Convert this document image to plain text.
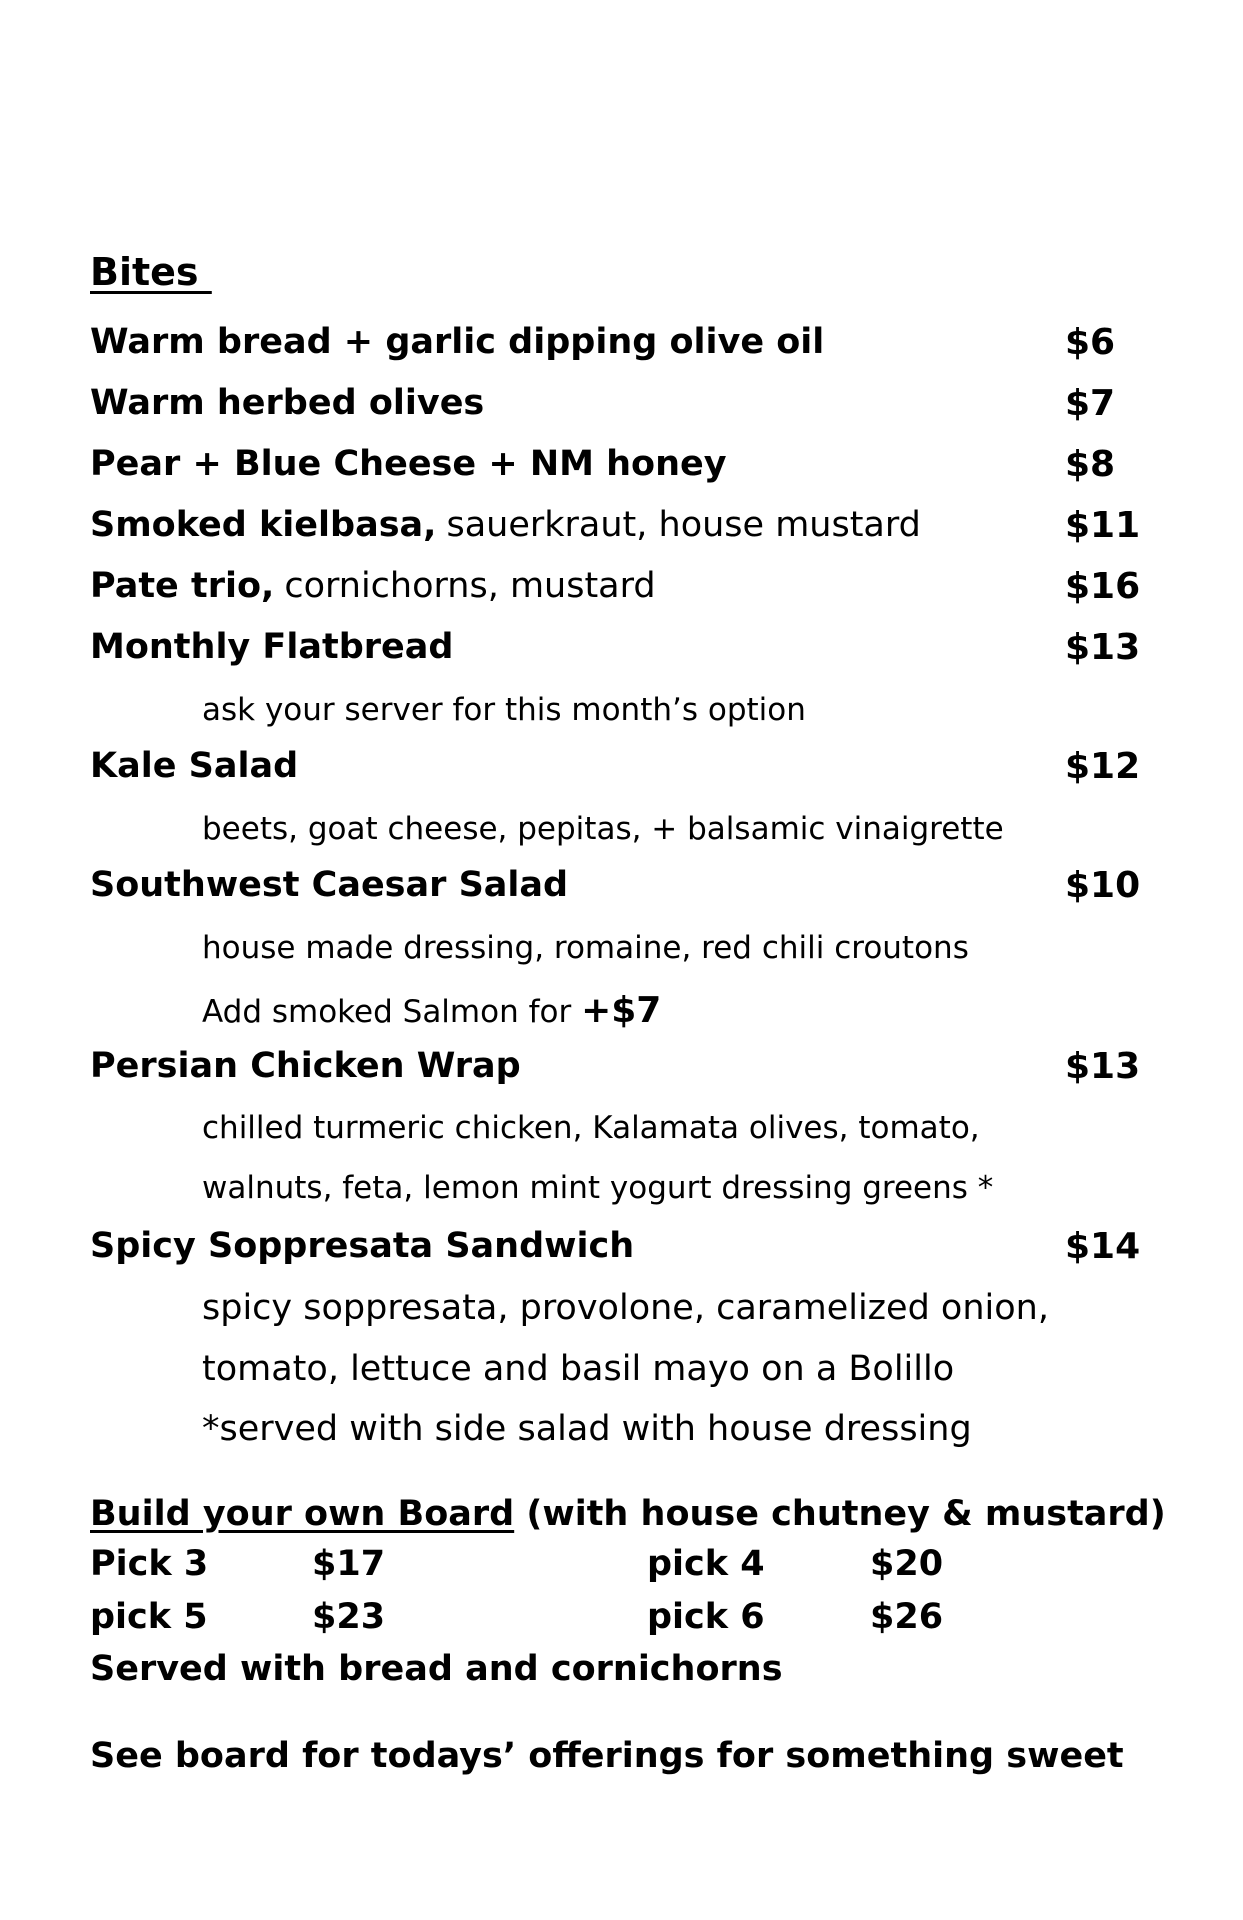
Bites
Warm bread + garlic dipping olive oil	$6
Warm herbed olives	$7
Pear + Blue Cheese + NM honey	$8
Smoked kielbasa, sauerkraut, house mustard	$11
Pate trio, cornichorns, mustard	$16
Monthly Flatbread	$13
ask your server for this month’s option
Kale Salad	$12
beets, goat cheese, pepitas, + balsamic vinaigrette
Southwest Caesar Salad	$10
house made dressing, romaine, red chili croutons
Add smoked Salmon for +$7
Persian Chicken Wrap	$13
chilled turmeric chicken, Kalamata olives, tomato,
walnuts, feta, lemon mint yogurt dressing greens *
Spicy Soppresata Sandwich	$14
spicy soppresata, provolone, caramelized onion,
tomato, lettuce and basil mayo on a Bolillo
*served with side salad with house dressing
Build your own Board (with house chutney & mustard)
Pick 3	$17	pick 4	$20
pick 5	$23	pick 6	$26
Served with bread and cornichorns
See board for todays’ offerings for something sweet
